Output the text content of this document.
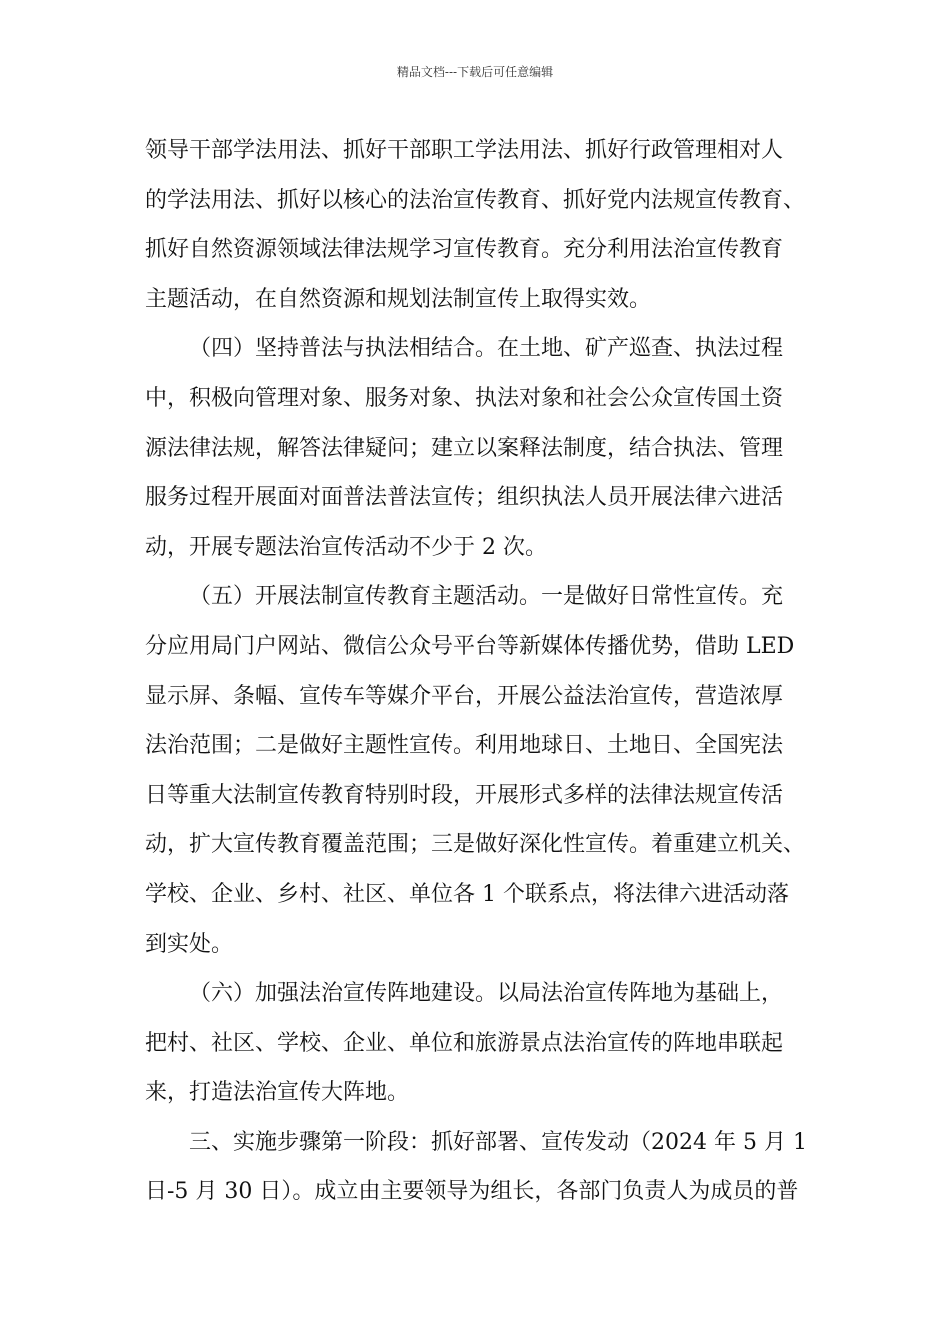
精品文档---下载后可任意编辑
领导干部学法用法、抓好干部职工学法用法、抓好行政管理相对人
的学法用法、抓好以核心的法治宣传教育、抓好党内法规宣传教育、
抓好自然资源领域法律法规学习宣传教育。充分利用法治宣传教育
主题活动，在自然资源和规划法制宣传上取得实效。
（四）坚持普法与执法相结合。在土地、矿产巡查、执法过程
中，积极向管理对象、服务对象、执法对象和社会公众宣传国土资
源法律法规，解答法律疑问；建立以案释法制度，结合执法、管理
服务过程开展面对面普法普法宣传；组织执法人员开展法律六进活
动，开展专题法治宣传活动不少于 2 次。
（五）开展法制宣传教育主题活动。一是做好日常性宣传。充
分应用局门户网站、微信公众号平台等新媒体传播优势，借助 LED
显示屏、条幅、宣传车等媒介平台，开展公益法治宣传，营造浓厚
法治范围；二是做好主题性宣传。利用地球日、土地日、全国宪法
日等重大法制宣传教育特别时段，开展形式多样的法律法规宣传活
动，扩大宣传教育覆盖范围；三是做好深化性宣传。着重建立机关、
学校、企业、乡村、社区、单位各 1 个联系点，将法律六进活动落
到实处。
（六）加强法治宣传阵地建设。以局法治宣传阵地为基础上，
把村、社区、学校、企业、单位和旅游景点法治宣传的阵地串联起
来，打造法治宣传大阵地。
三、实施步骤第一阶段：抓好部署、宣传发动（2024 年 5 月 1
日-5 月 30 日）。成立由主要领导为组长，各部门负责人为成员的普
